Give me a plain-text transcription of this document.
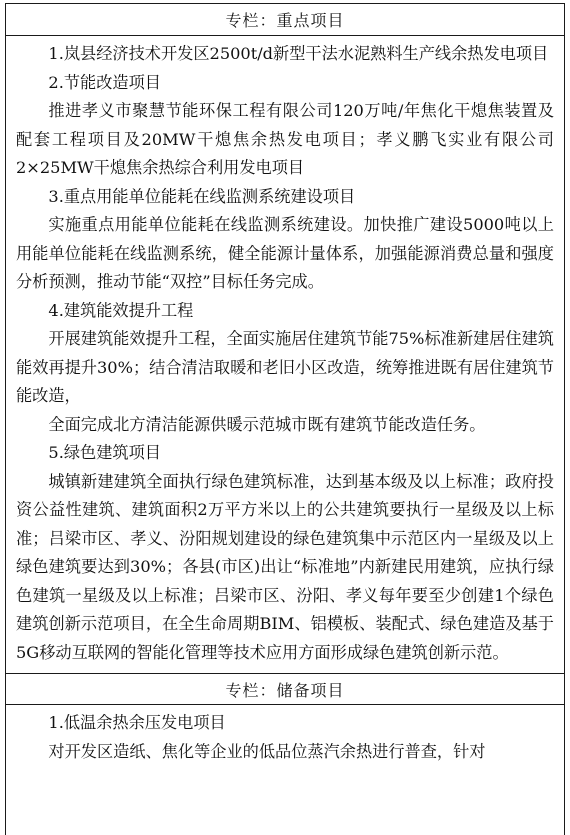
专栏：重点项目

1.岚县经济技术开发区2500t/d新型干法水泥熟料生产线余热发电项目

2.节能改造项目

推进孝义市聚慧节能环保工程有限公司120万吨/年焦化干熄焦装置及配套工程项目及20MW干熄焦余热发电项目；孝义鹏飞实业有限公司2×25MW干熄焦余热综合利用发电项目

3.重点用能单位能耗在线监测系统建设项目

实施重点用能单位能耗在线监测系统建设。加快推广建设5000吨以上用能单位能耗在线监测系统，健全能源计量体系，加强能源消费总量和强度分析预测，推动节能“双控”目标任务完成。

4.建筑能效提升工程

开展建筑能效提升工程，全面实施居住建筑节能75%标准新建居住建筑能效再提升30%；结合清洁取暖和老旧小区改造，统筹推进既有居住建筑节能改造，

全面完成北方清洁能源供暖示范城市既有建筑节能改造任务。

5.绿色建筑项目

城镇新建建筑全面执行绿色建筑标准，达到基本级及以上标准；政府投资公益性建筑、建筑面积2万平方米以上的公共建筑要执行一星级及以上标准；吕梁市区、孝义、汾阳规划建设的绿色建筑集中示范区内一星级及以上绿色建筑要达到30%；各县(市区)出让“标准地”内新建民用建筑，应执行绿色建筑一星级及以上标准；吕梁市区、汾阳、孝义每年要至少创建1个绿色建筑创新示范项目，在全生命周期BIM、铝模板、装配式、绿色建造及基于5G移动互联网的智能化管理等技术应用方面形成绿色建筑创新示范。

专栏：储备项目

1.低温余热余压发电项目

对开发区造纸、焦化等企业的低品位蒸汽余热进行普查，针对
